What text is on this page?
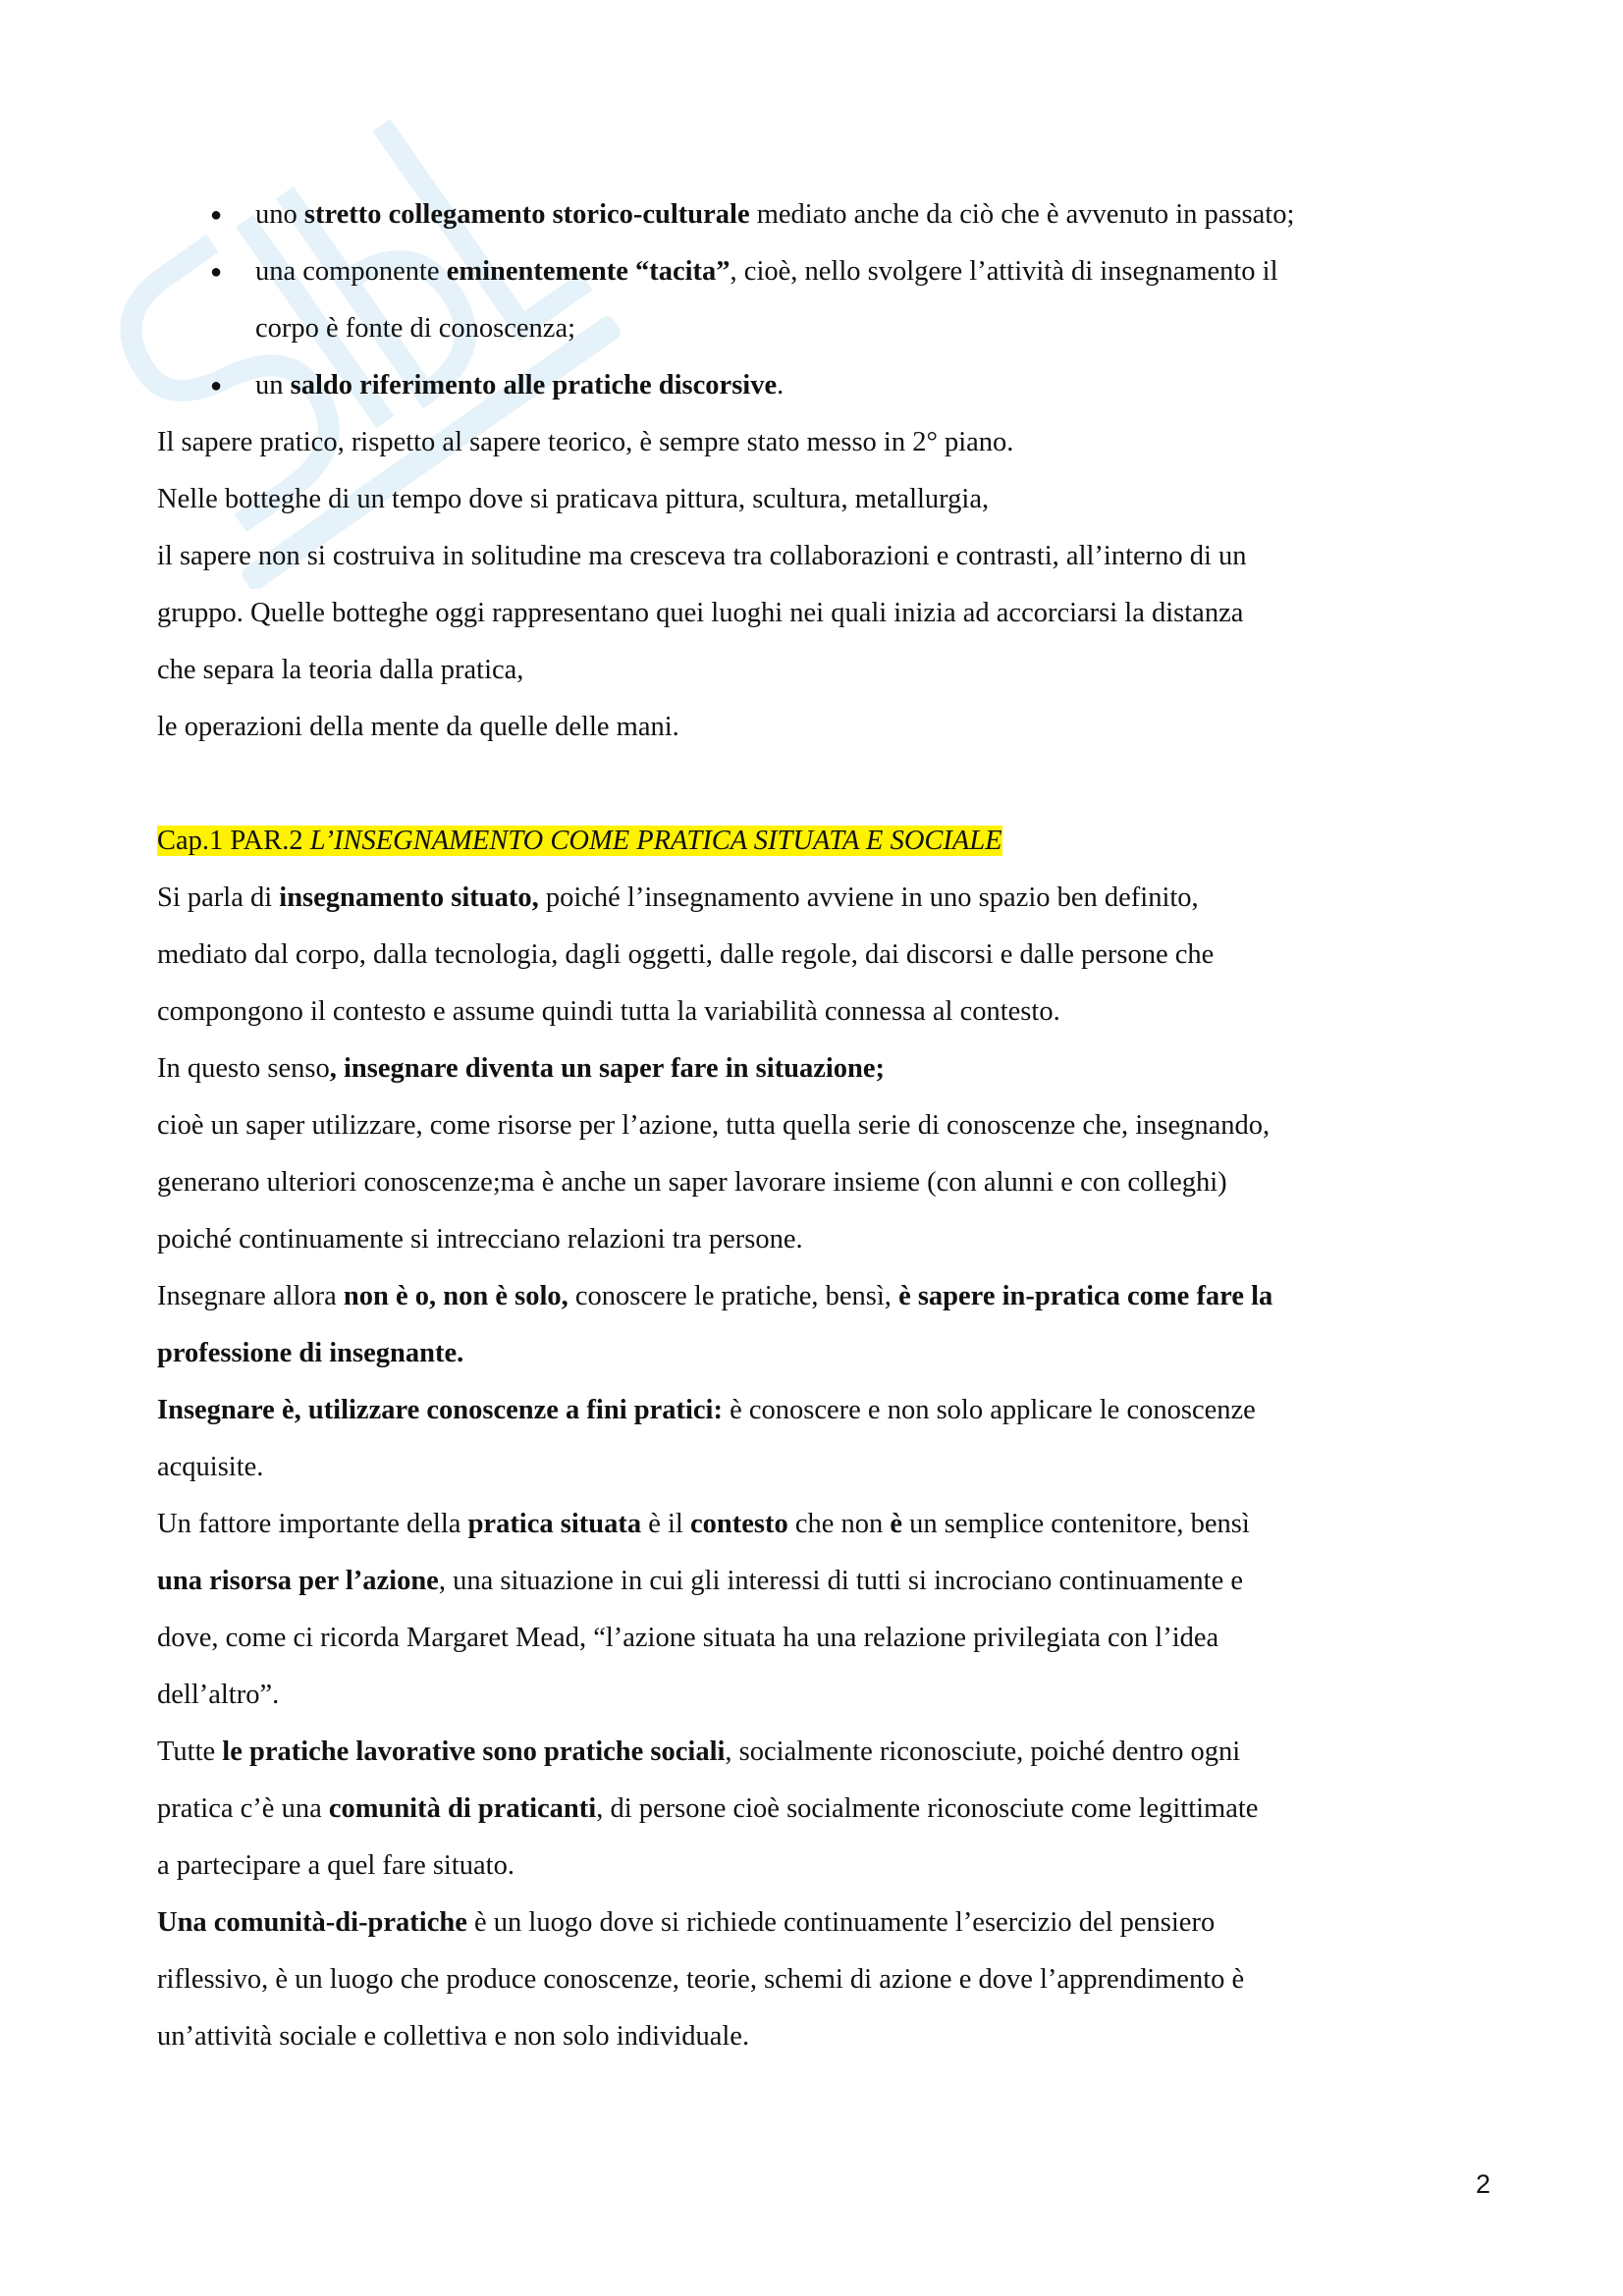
● uno stretto collegamento storico-culturale mediato anche da ciò che è avvenuto in passato;
● una componente eminentemente “tacita”, cioè, nello svolgere l’attività di insegnamento il
corpo è fonte di conoscenza;
● un saldo riferimento alle pratiche discorsive.
Il sapere pratico, rispetto al sapere teorico, è sempre stato messo in 2° piano.
Nelle botteghe di un tempo dove si praticava pittura, scultura, metallurgia,
il sapere non si costruiva in solitudine ma cresceva tra collaborazioni e contrasti, all’interno di un
gruppo. Quelle botteghe oggi rappresentano quei luoghi nei quali inizia ad accorciarsi la distanza
che separa la teoria dalla pratica,
le operazioni della mente da quelle delle mani.
Cap.1 PAR.2 L’INSEGNAMENTO COME PRATICA SITUATA E SOCIALE
Si parla di insegnamento situato, poiché l’insegnamento avviene in uno spazio ben definito,
mediato dal corpo, dalla tecnologia, dagli oggetti, dalle regole, dai discorsi e dalle persone che
compongono il contesto e assume quindi tutta la variabilità connessa al contesto.
In questo senso, insegnare diventa un saper fare in situazione;
cioè un saper utilizzare, come risorse per l’azione, tutta quella serie di conoscenze che, insegnando,
generano ulteriori conoscenze;ma è anche un saper lavorare insieme (con alunni e con colleghi)
poiché continuamente si intrecciano relazioni tra persone.
Insegnare allora non è o, non è solo, conoscere le pratiche, bensì, è sapere in-pratica come fare la
professione di insegnante.
Insegnare è, utilizzare conoscenze a fini pratici: è conoscere e non solo applicare le conoscenze
acquisite.
Un fattore importante della pratica situata è il contesto che non è un semplice contenitore, bensì
una risorsa per l’azione, una situazione in cui gli interessi di tutti si incrociano continuamente e
dove, come ci ricorda Margaret Mead, “l’azione situata ha una relazione privilegiata con l’idea
dell’altro”.
Tutte le pratiche lavorative sono pratiche sociali, socialmente riconosciute, poiché dentro ogni
pratica c’è una comunità di praticanti, di persone cioè socialmente riconosciute come legittimate
a partecipare a quel fare situato.
Una comunità-di-pratiche è un luogo dove si richiede continuamente l’esercizio del pensiero
riflessivo, è un luogo che produce conoscenze, teorie, schemi di azione e dove l’apprendimento è
un’attività sociale e collettiva e non solo individuale.
2
